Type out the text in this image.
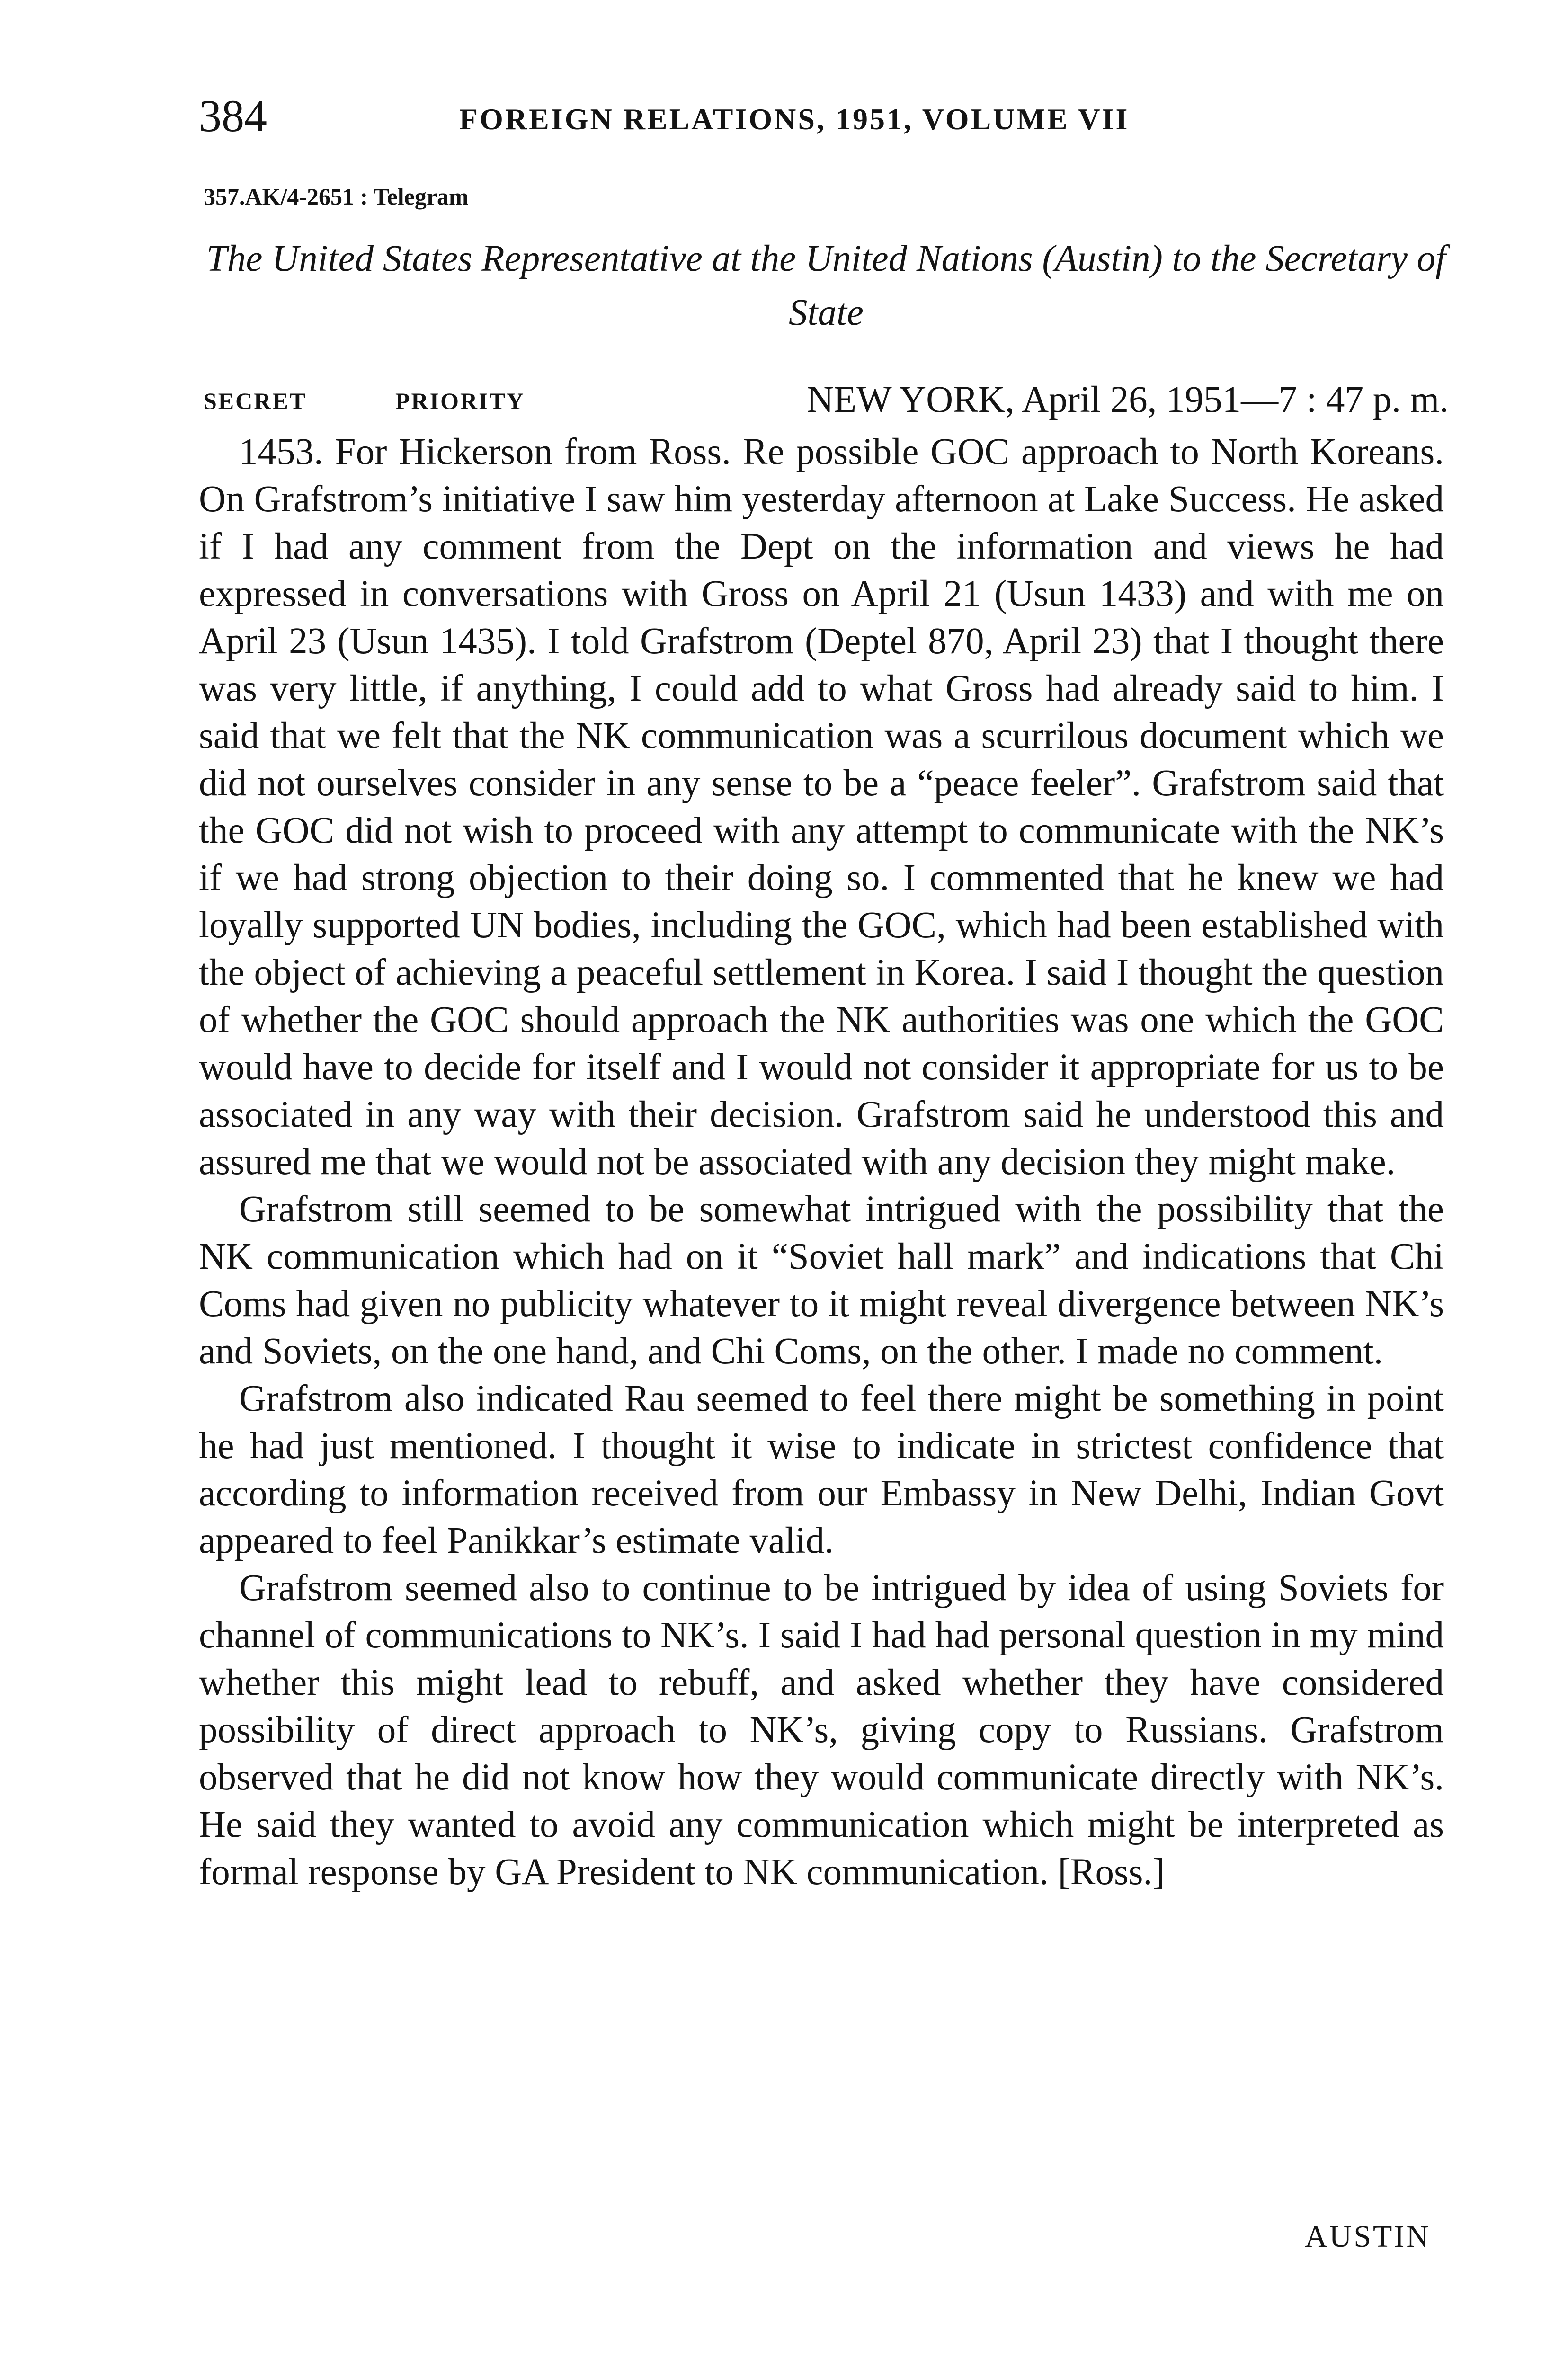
384	FOREIGN RELATIONS, 1951, VOLUME VII
357.AK/4-2651 : Telegram
The United States Representative at the United Nations (Austin) to the Secretary of State
SECRET	PRIORITY	NEW YORK, April 26, 1951—7 : 47 p. m.

1453. For Hickerson from Ross. Re possible GOC approach to North Koreans. On Grafstrom’s initiative I saw him yesterday afternoon at Lake Success. He asked if I had any comment from the Dept on the information and views he had expressed in conversations with Gross on April 21 (Usun 1433) and with me on April 23 (Usun 1435). I told Grafstrom (Deptel 870, April 23) that I thought there was very little, if anything, I could add to what Gross had already said to him. I said that we felt that the NK communication was a scurrilous document which we did not ourselves consider in any sense to be a “peace feeler”. Grafstrom said that the GOC did not wish to proceed with any attempt to communicate with the NK’s if we had strong objection to their doing so. I commented that he knew we had loyally supported UN bodies, including the GOC, which had been established with the object of achieving a peaceful settlement in Korea. I said I thought the question of whether the GOC should approach the NK authorities was one which the GOC would have to decide for itself and I would not consider it appropriate for us to be associated in any way with their decision. Grafstrom said he understood this and assured me that we would not be associated with any decision they might make.

Grafstrom still seemed to be somewhat intrigued with the possibility that the NK communication which had on it “Soviet hall mark” and indications that Chi Coms had given no publicity whatever to it might reveal divergence between NK’s and Soviets, on the one hand, and Chi Coms, on the other. I made no comment.

Grafstrom also indicated Rau seemed to feel there might be something in point he had just mentioned. I thought it wise to indicate in strictest confidence that according to information received from our Embassy in New Delhi, Indian Govt appeared to feel Panikkar’s estimate valid.

Grafstrom seemed also to continue to be intrigued by idea of using Soviets for channel of communications to NK’s. I said I had had personal question in my mind whether this might lead to rebuff, and asked whether they have considered possibility of direct approach to NK’s, giving copy to Russians. Grafstrom observed that he did not know how they would communicate directly with NK’s. He said they wanted to avoid any communication which might be interpreted as formal response by GA President to NK communication. [Ross.]

AUSTIN
